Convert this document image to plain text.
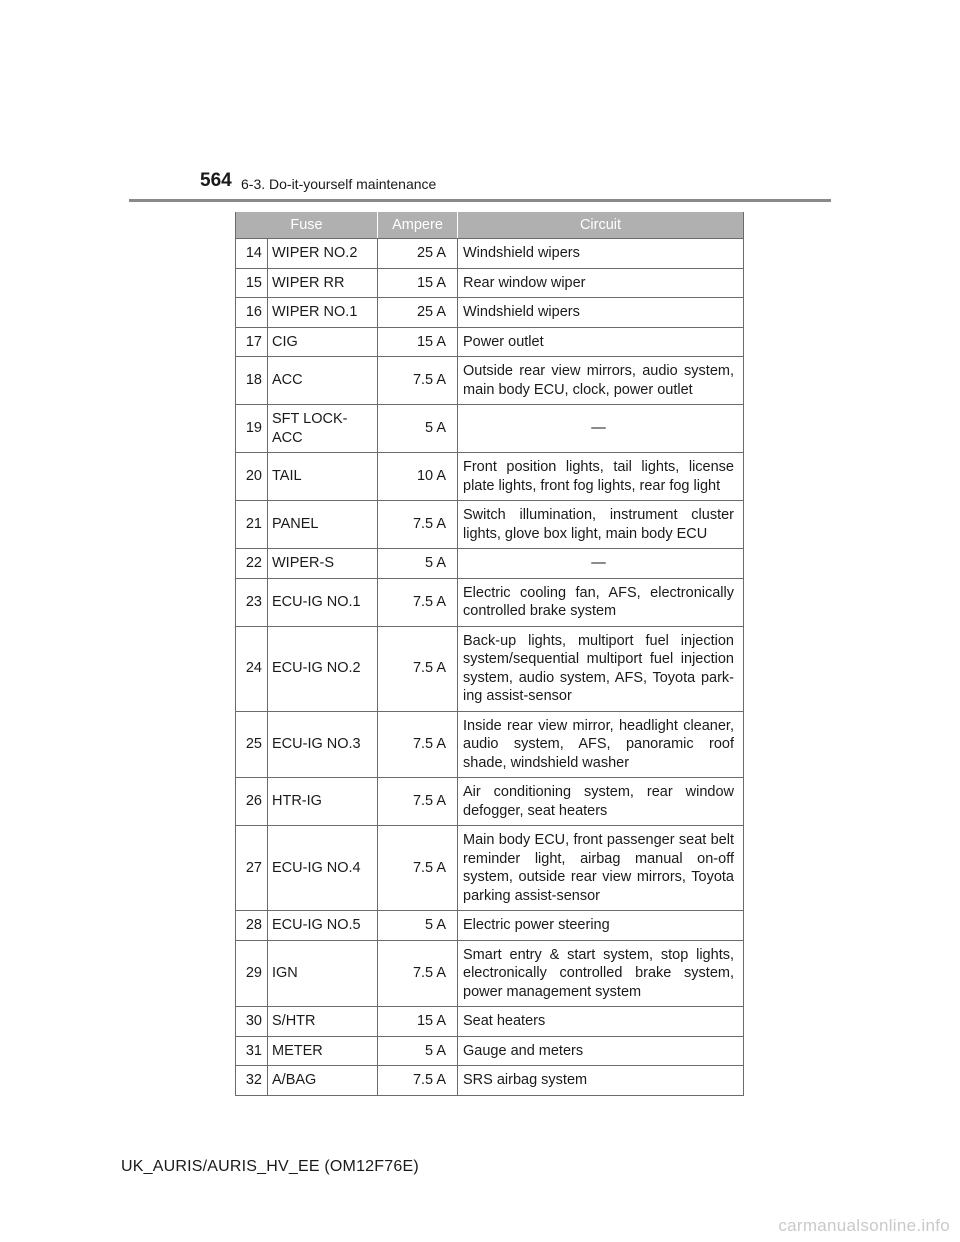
564 6-3. Do-it-yourself maintenance
Fuse		Ampere	Circuit
14	WIPER NO.2	25 A	Windshield wipers
15	WIPER RR	15 A	Rear window wiper
16	WIPER NO.1	25 A	Windshield wipers
17	CIG	15 A	Power outlet
18	ACC	7.5 A	Outside rear view mirrors, audio system, main body ECU, clock, power outlet
19	SFT LOCK-ACC	5 A	—
20	TAIL	10 A	Front position lights, tail lights, license plate lights, front fog lights, rear fog light
21	PANEL	7.5 A	Switch illumination, instrument cluster lights, glove box light, main body ECU
22	WIPER-S	5 A	—
23	ECU-IG NO.1	7.5 A	Electric cooling fan, AFS, electronically controlled brake system
24	ECU-IG NO.2	7.5 A	Back-up lights, multiport fuel injection system/sequential multiport fuel injection system, audio system, AFS, Toyota park-ing assist-sensor
25	ECU-IG NO.3	7.5 A	Inside rear view mirror, headlight cleaner, audio system, AFS, panoramic roof shade, windshield washer
26	HTR-IG	7.5 A	Air conditioning system, rear window defogger, seat heaters
27	ECU-IG NO.4	7.5 A	Main body ECU, front passenger seat belt reminder light, airbag manual on-off system, outside rear view mirrors, Toyota parking assist-sensor
28	ECU-IG NO.5	5 A	Electric power steering
29	IGN	7.5 A	Smart entry & start system, stop lights, electronically controlled brake system, power management system
30	S/HTR	15 A	Seat heaters
31	METER	5 A	Gauge and meters
32	A/BAG	7.5 A	SRS airbag system
UK_AURIS/AURIS_HV_EE (OM12F76E)
carmanualsonline.info
